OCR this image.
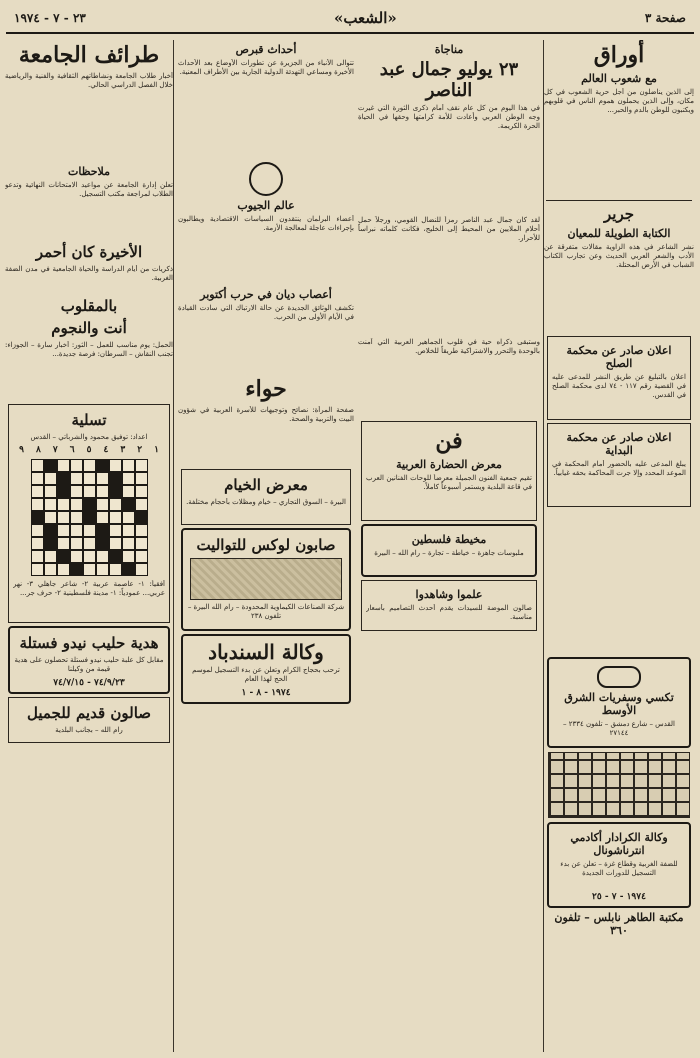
صفحة ٣
«الشعب»
٢٣ - ٧ - ١٩٧٤
أوراق
مع شعوب العالم
إلى الذين يناضلون من أجل حرية الشعوب في كل مكان، وإلى الذين يحملون هموم الناس في قلوبهم ويكتبون للوطن بالدم والحبر...
جرير
الكتابة الطويلة للمعيان
نشر الشاعر في هذه الزاوية مقالات متفرقة عن الأدب والشعر العربي الحديث وعن تجارب الكتاب الشباب في الأرض المحتلة.
اعلان صادر عن محكمة الصلح
اعلان بالتبليغ عن طريق النشر للمدعى عليه في القضية رقم ١١٧ - ٧٤ لدى محكمة الصلح في القدس.
اعلان صادر عن محكمة البداية
يبلغ المدعى عليه بالحضور أمام المحكمة في الموعد المحدد وإلا جرت المحاكمة بحقه غيابياً.
مناجاة
٢٣ يوليو جمال عبد الناصر
في هذا اليوم من كل عام نقف أمام ذكرى الثورة التي غيرت وجه الوطن العربي وأعادت للأمة كرامتها وحقها في الحياة الحرة الكريمة.
لقد كان جمال عبد الناصر رمزاً للنضال القومي، ورجلاً حمل أحلام الملايين من المحيط إلى الخليج، فكانت كلماته نبراساً للأحرار.
وستبقى ذكراه حية في قلوب الجماهير العربية التي آمنت بالوحدة والتحرر والاشتراكية طريقاً للخلاص.
فن
معرض الحضارة العربية
تقيم جمعية الفنون الجميلة معرضاً للوحات الفنانين العرب في قاعة البلدية ويستمر أسبوعاً كاملاً.
مخيطة فلسطين
ملبوسات جاهزة – خياطة – تجارة – رام الله – البيرة
علموا وشاهدوا
صالون الموضة للسيدات يقدم أحدث التصاميم بأسعار مناسبة.
أحداث قبرص
تتوالى الأنباء من الجزيرة عن تطورات الأوضاع بعد الأحداث الأخيرة ومساعي التهدئة الدولية الجارية بين الأطراف المعنية.
عالم الجيوب
أعضاء البرلمان ينتقدون السياسات الاقتصادية ويطالبون بإجراءات عاجلة لمعالجة الأزمة.
أعصاب ديان في حرب أكتوبر
تكشف الوثائق الجديدة عن حالة الارتباك التي سادت القيادة في الأيام الأولى من الحرب.
حواء
صفحة المرأة: نصائح وتوجيهات للأسرة العربية في شؤون البيت والتربية والصحة.
معرض الخيام
البيرة – السوق التجاري – خيام ومظلات بأحجام مختلفة.
صابون لوكس للتواليت
شركة الصناعات الكيماوية المحدودة – رام الله البيرة – تلفون ٢٣٨
وكالة السندباد
ترحب بحجاج الكرام وتعلن عن بدء التسجيل لموسم الحج لهذا العام
١٩٧٤ - ٨ - ١
طرائف الجامعة
أخبار طلاب الجامعة ونشاطاتهم الثقافية والفنية والرياضية خلال الفصل الدراسي الحالي.
ملاحظات
تعلن إدارة الجامعة عن مواعيد الامتحانات النهائية وتدعو الطلاب لمراجعة مكتب التسجيل.
الأخيرة كان أحمر
ذكريات من أيام الدراسة والحياة الجامعية في مدن الضفة الغربية.
بالمقلوب
أنت والنجوم
الحمل: يوم مناسب للعمل – الثور: أخبار سارة – الجوزاء: تجنب النقاش – السرطان: فرصة جديدة...
تسلية
اعداد: توفيق محمود والشرباتي – القدس
١
٢
٣
٤
٥
٦
٧
٨
٩
أفقياً: ١- عاصمة عربية ٢- شاعر جاهلي ٣- نهر عربي... عمودياً: ١- مدينة فلسطينية ٢- حرف جر...
هدية حليب نيدو فستلة
مقابل كل علبة حليب نيدو فستلة تحصلون على هدية قيمة من وكيلنا
٧٤/٩/٢٣ - ٧٤/٧/١٥
صالون قديم للجميل
رام الله – بجانب البلدية
تكسي وسفريات الشرق الأوسط
القدس – شارع دمشق – تلفون ٢٣٣٤ – ٢٧١٤٤
وكالة الكرادار أكادمي انترناشونال
للضفة الغربية وقطاع غزة – تعلن عن بدء التسجيل للدورات الجديدة
١٩٧٤ - ٧ - ٢٥
مكتبة الطاهر نابلس – تلفون ٣٦٠
